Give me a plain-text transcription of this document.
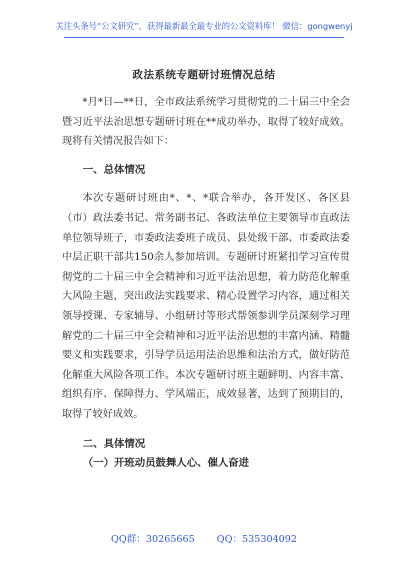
关注头条号“公文研究”，获得最新最全最专业的公文资料库！ 微信：gongwenyj
政法系统专题研讨班情况总结

*月*日—**日，全市政法系统学习贯彻党的二十届三中全会暨习近平法治思想专题研讨班在**成功举办，取得了较好成效。现将有关情况报告如下：

一、总体情况

本次专题研讨班由*、*、*联合举办，各开发区、各区县（市）政法委书记、常务副书记、各政法单位主要领导市直政法单位领导班子，市委政法委班子成员、县处级干部、市委政法委中层正职干部共150余人参加培训。专题研讨班紧扣学习宣传贯彻党的二十届三中全会精神和习近平法治思想，着力防范化解重大风险主题，突出政法实践要求、精心设置学习内容，通过相关领导授课、专家辅导、小组研讨等形式帮领参训学员深刻学习理解党的二十届三中全会精神和习近平法治思想的丰富内涵、精髓要义和实践要求，引导学员运用法治思维和法治方式，做好防范化解重大风险各项工作。本次专题研讨班主题鲜明、内容丰富、组织有序、保障得力、学风端正，成效显著，达到了预期目的，取得了较好成效。

二、具体情况

（一）开班动员鼓舞人心、催人奋进

QQ群：30265665 QQ：535304092
